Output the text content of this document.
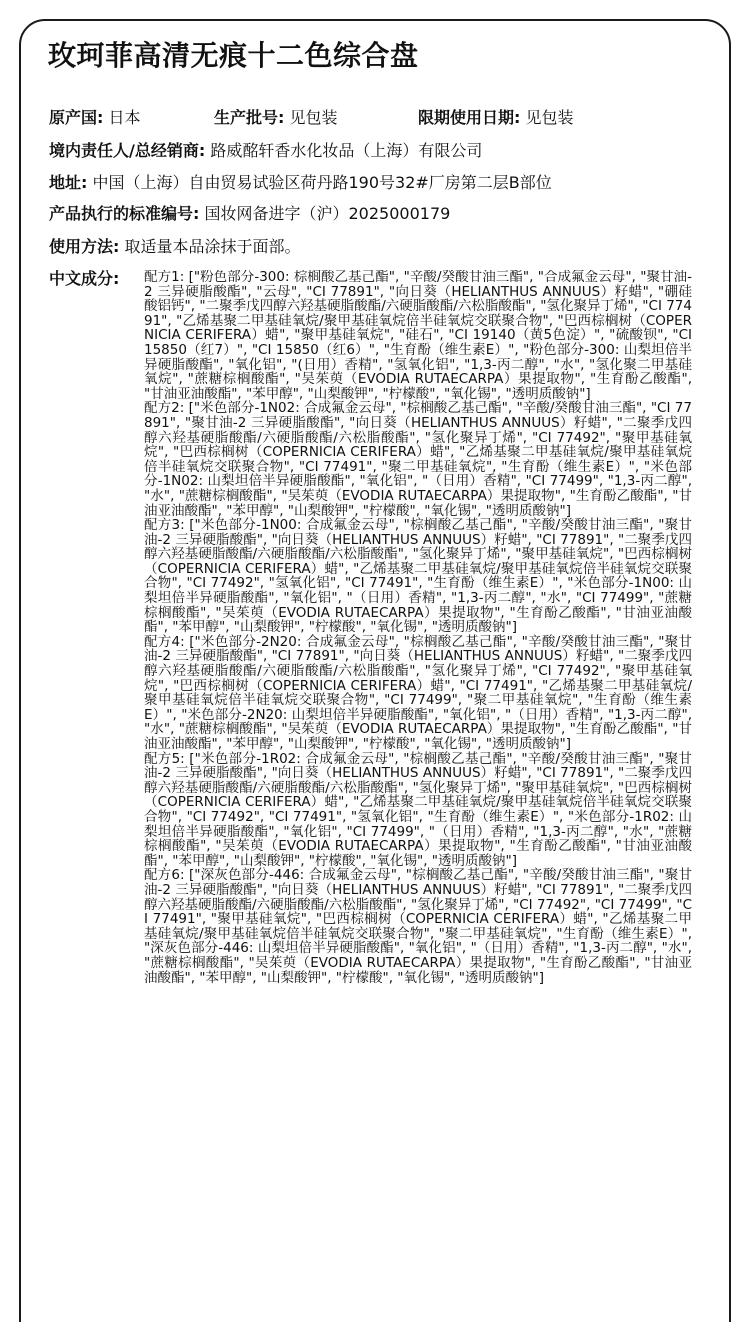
玫珂菲高清无痕十二色综合盘
原产国: 日本	生产批号: 见包装	限期使用日期: 见包装
境内责任人/总经销商: 路威酩轩香水化妆品（上海）有限公司
地址: 中国（上海）自由贸易试验区荷丹路190号32#厂房第二层B部位
产品执行的标准编号: 国妆网备进字（沪）2025000179
使用方法: 取适量本品涂抹于面部。
中文成分: 配方1: ["粉色部分-300: 棕榈酸乙基己酯", "辛酸/癸酸甘油三酯", "合成氟金云母", "聚甘油-2 三异硬脂酸酯", "云母", "CI 77891", "向日葵（HELIANTHUS ANNUUS）籽蜡", "硼硅酸铝钙", "二聚季戊四醇六羟基硬脂酸酯/六硬脂酸酯/六松脂酸酯", "氢化聚异丁烯", "CI 77491", "乙烯基聚二甲基硅氧烷/聚甲基硅氧烷倍半硅氧烷交联聚合物", "巴西棕榈树（COPERNICIA CERIFERA）蜡", "聚甲基硅氧烷", "硅石", "CI 19140（黄5色淀）", "硫酸钡", "CI 15850（红7）", "CI 15850（红6）", "生育酚（维生素E）", "粉色部分-300: 山梨坦倍半异硬脂酸酯", "氧化铝", "(日用）香精", "氢氧化铝", "1,3-丙二醇", "水", "氢化聚二甲基硅氧烷", "蔗糖棕榈酸酯", "吴茱萸（EVODIA RUTAECARPA）果提取物", "生育酚乙酸酯", "甘油亚油酸酯", "苯甲醇", "山梨酸钾", "柠檬酸", "氧化锡", "透明质酸钠"]

配方2: ["米色部分-1N02: 合成氟金云母", "棕榈酸乙基己酯", "辛酸/癸酸甘油三酯", "CI 77891", "聚甘油-2 三异硬脂酸酯", "向日葵（HELIANTHUS ANNUUS）籽蜡", "二聚季戊四醇六羟基硬脂酸酯/六硬脂酸酯/六松脂酸酯", "氢化聚异丁烯", "CI 77492", "聚甲基硅氧烷", "巴西棕榈树（COPERNICIA CERIFERA）蜡", "乙烯基聚二甲基硅氧烷/聚甲基硅氧烷倍半硅氧烷交联聚合物", "CI 77491", "聚二甲基硅氧烷", "生育酚（维生素E）", "米色部分-1N02: 山梨坦倍半异硬脂酸酯", "氧化铝", "（日用）香精", "CI 77499", "1,3-丙二醇", "水", "蔗糖棕榈酸酯", "吴茱萸（EVODIA RUTAECARPA）果提取物", "生育酚乙酸酯", "甘油亚油酸酯", "苯甲醇", "山梨酸钾", "柠檬酸", "氧化锡", "透明质酸钠"]

配方3: ["米色部分-1N00: 合成氟金云母", "棕榈酸乙基己酯", "辛酸/癸酸甘油三酯", "聚甘油-2 三异硬脂酸酯", "向日葵（HELIANTHUS ANNUUS）籽蜡", "CI 77891", "二聚季戊四醇六羟基硬脂酸酯/六硬脂酸酯/六松脂酸酯", "氢化聚异丁烯", "聚甲基硅氧烷", "巴西棕榈树（COPERNICIA CERIFERA）蜡", "乙烯基聚二甲基硅氧烷/聚甲基硅氧烷倍半硅氧烷交联聚合物", "CI 77492", "氢氧化铝", "CI 77491", "生育酚（维生素E）", "米色部分-1N00: 山梨坦倍半异硬脂酸酯", "氧化铝", "（日用）香精", "1,3-丙二醇", "水", "CI 77499", "蔗糖棕榈酸酯", "吴茱萸（EVODIA RUTAECARPA）果提取物", "生育酚乙酸酯", "甘油亚油酸酯", "苯甲醇", "山梨酸钾", "柠檬酸", "氧化锡", "透明质酸钠"]

配方4: ["米色部分-2N20: 合成氟金云母", "棕榈酸乙基己酯", "辛酸/癸酸甘油三酯", "聚甘油-2 三异硬脂酸酯", "CI 77891", "向日葵（HELIANTHUS ANNUUS）籽蜡", "二聚季戊四醇六羟基硬脂酸酯/六硬脂酸酯/六松脂酸酯", "氢化聚异丁烯", "CI 77492", "聚甲基硅氧烷", "巴西棕榈树（COPERNICIA CERIFERA）蜡", "CI 77491", "乙烯基聚二甲基硅氧烷/聚甲基硅氧烷倍半硅氧烷交联聚合物", "CI 77499", "聚二甲基硅氧烷", "生育酚（维生素E）", "米色部分-2N20: 山梨坦倍半异硬脂酸酯", "氧化铝", "（日用）香精", "1,3-丙二醇", "水", "蔗糖棕榈酸酯", "吴茱萸（EVODIA RUTAECARPA）果提取物", "生育酚乙酸酯", "甘油亚油酸酯", "苯甲醇", "山梨酸钾", "柠檬酸", "氧化锡", "透明质酸钠"]

配方5: ["米色部分-1R02: 合成氟金云母", "棕榈酸乙基己酯", "辛酸/癸酸甘油三酯", "聚甘油-2 三异硬脂酸酯", "向日葵（HELIANTHUS ANNUUS）籽蜡", "CI 77891", "二聚季戊四醇六羟基硬脂酸酯/六硬脂酸酯/六松脂酸酯", "氢化聚异丁烯", "聚甲基硅氧烷", "巴西棕榈树（COPERNICIA CERIFERA）蜡", "乙烯基聚二甲基硅氧烷/聚甲基硅氧烷倍半硅氧烷交联聚合物", "CI 77492", "CI 77491", "氢氧化铝", "生育酚（维生素E）", "米色部分-1R02: 山梨坦倍半异硬脂酸酯", "氧化铝", "CI 77499", "（日用）香精", "1,3-丙二醇", "水", "蔗糖棕榈酸酯", "吴茱萸（EVODIA RUTAECARPA）果提取物", "生育酚乙酸酯", "甘油亚油酸酯", "苯甲醇", "山梨酸钾", "柠檬酸", "氧化锡", "透明质酸钠"]

配方6: ["深灰色部分-446: 合成氟金云母", "棕榈酸乙基己酯", "辛酸/癸酸甘油三酯", "聚甘油-2 三异硬脂酸酯", "向日葵（HELIANTHUS ANNUUS）籽蜡", "CI 77891", "二聚季戊四醇六羟基硬脂酸酯/六硬脂酸酯/六松脂酸酯", "氢化聚异丁烯", "CI 77492", "CI 77499", "CI 77491", "聚甲基硅氧烷", "巴西棕榈树（COPERNICIA CERIFERA）蜡", "乙烯基聚二甲基硅氧烷/聚甲基硅氧烷倍半硅氧烷交联聚合物", "聚二甲基硅氧烷", "生育酚（维生素E）", "深灰色部分-446: 山梨坦倍半异硬脂酸酯", "氧化铝", "（日用）香精", "1,3-丙二醇", "水", "蔗糖棕榈酸酯", "吴茱萸（EVODIA RUTAECARPA）果提取物", "生育酚乙酸酯", "甘油亚油酸酯", "苯甲醇", "山梨酸钾", "柠檬酸", "氧化锡", "透明质酸钠"]
